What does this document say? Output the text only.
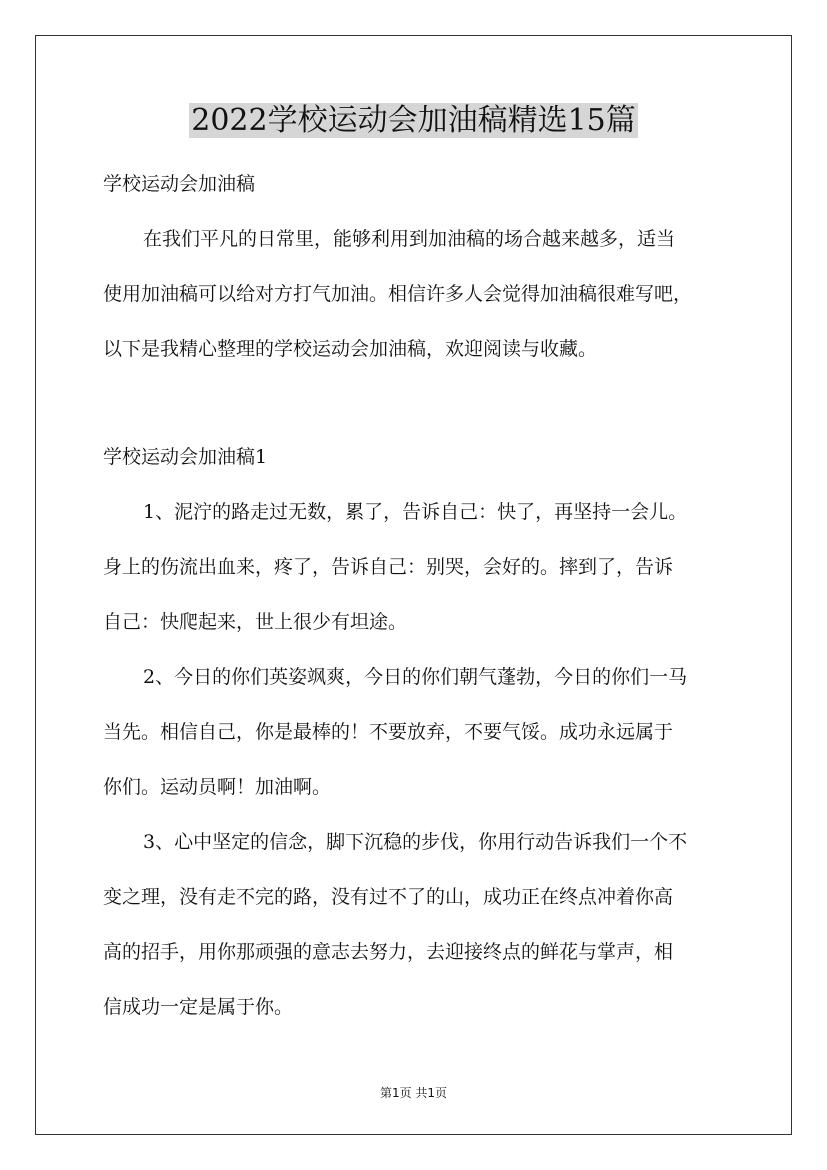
2022学校运动会加油稿精选15篇
学校运动会加油稿
在我们平凡的日常里，能够利用到加油稿的场合越来越多，适当
使用加油稿可以给对方打气加油。相信许多人会觉得加油稿很难写吧，
以下是我精心整理的学校运动会加油稿，欢迎阅读与收藏。
学校运动会加油稿1
1、泥泞的路走过无数，累了，告诉自己：快了，再坚持一会儿。
身上的伤流出血来，疼了，告诉自己：别哭，会好的。摔到了，告诉
自己：快爬起来，世上很少有坦途。
2、今日的你们英姿飒爽，今日的你们朝气蓬勃，今日的你们一马
当先。相信自己，你是最棒的！不要放弃，不要气馁。成功永远属于
你们。运动员啊！加油啊。
3、心中坚定的信念，脚下沉稳的步伐，你用行动告诉我们一个不
变之理，没有走不完的路，没有过不了的山，成功正在终点冲着你高
高的招手，用你那顽强的意志去努力，去迎接终点的鲜花与掌声，相
信成功一定是属于你。
第1页 共1页
